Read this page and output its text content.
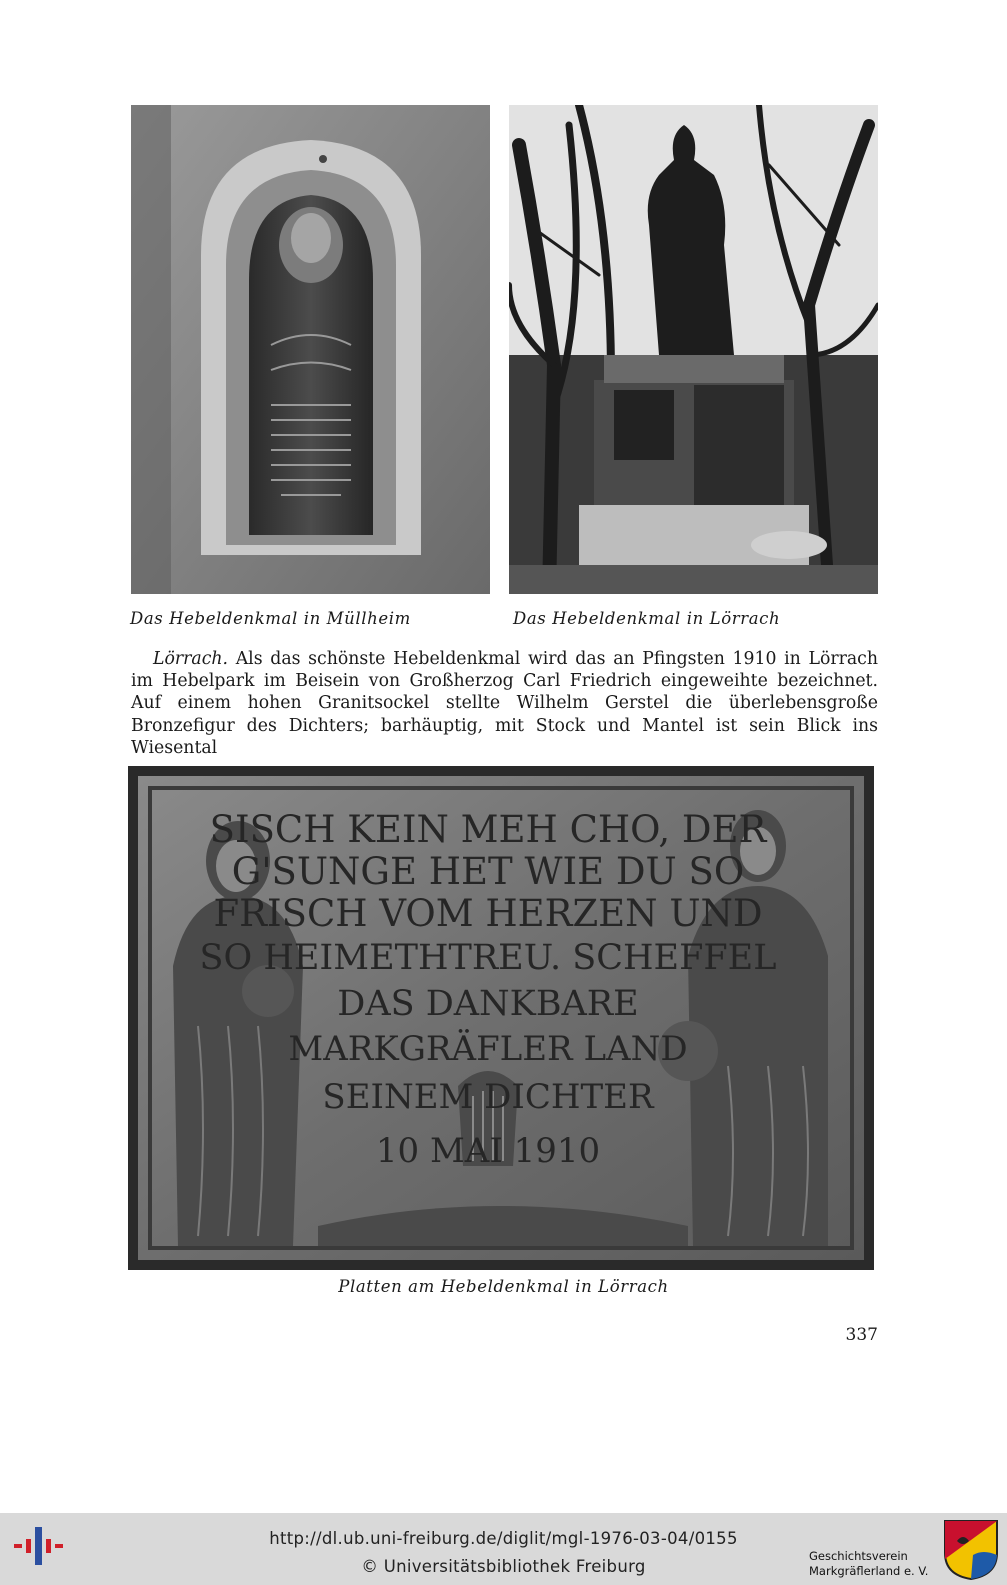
Das Hebeldenkmal in Müllheim	Das Hebeldenkmal in Lörrach

Lörrach. Als das schönste Hebeldenkmal wird das an Pfingsten 1910 in Lörrach im Hebelpark im Beisein von Großherzog Carl Friedrich eingeweihte bezeichnet. Auf einem hohen Granitsockel stellte Wilhelm Gerstel die überlebensgroße Bronzefigur des Dichters; barhäuptig, mit Stock und Mantel ist sein Blick ins Wiesental

SISCH KEIN MEH CHO, DER
G'SUNGE HET WIE DU SO
FRISCH VOM HERZEN UND
SO HEIMETHTREU. SCHEFFEL
DAS DANKBARE
MARKGRÄFLER LAND
SEINEM DICHTER
10 MAI 1910
Platten am Hebeldenkmal in Lörrach
337
http://dl.ub.uni-freiburg.de/diglit/mgl-1976-03-04/0155
© Universitätsbibliothek Freiburg
Geschichtsverein
Markgräflerland e. V.
